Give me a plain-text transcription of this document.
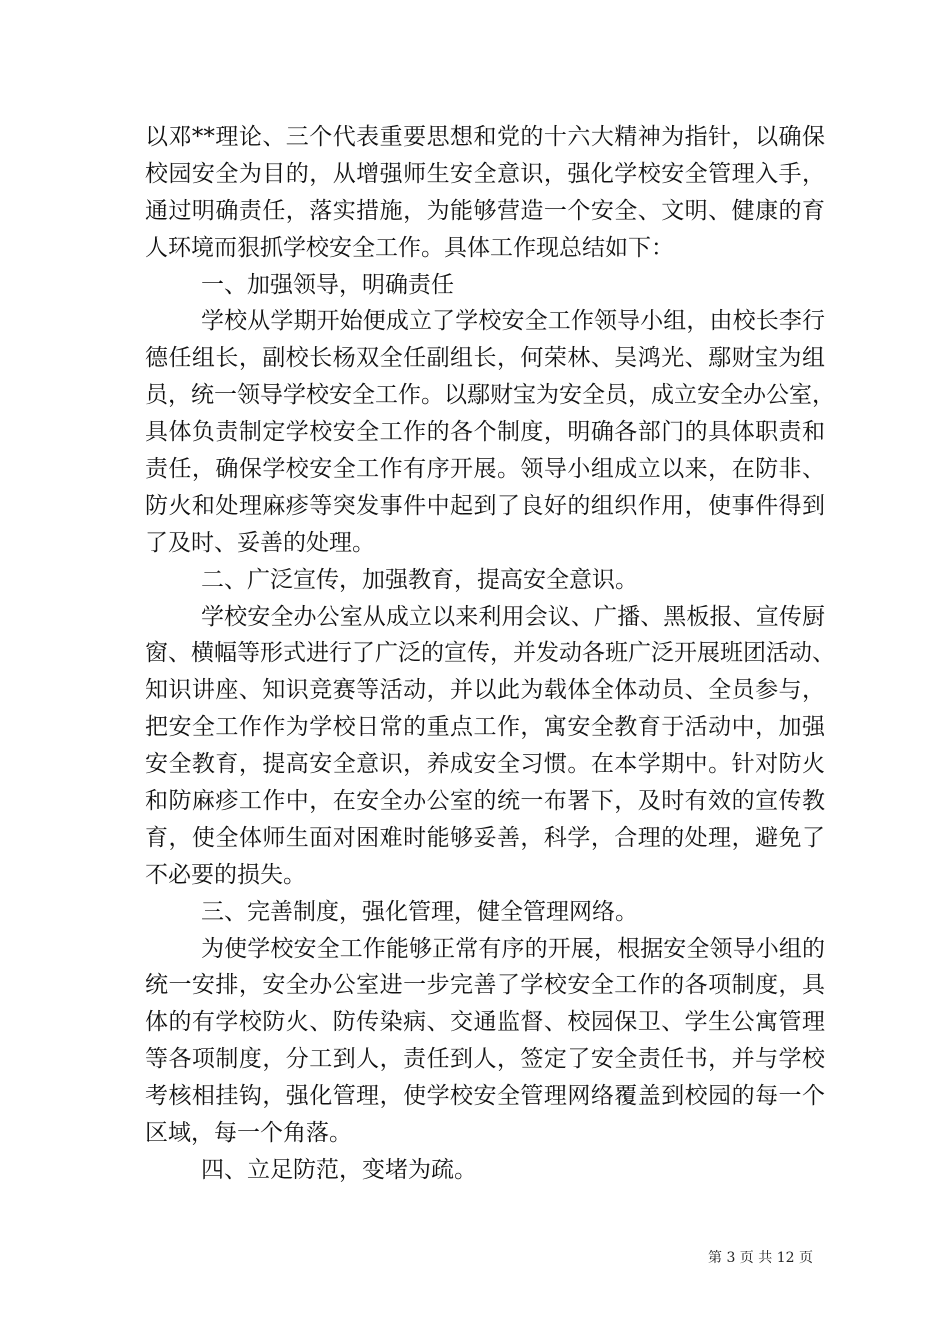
以邓**理论、三个代表重要思想和党的十六大精神为指针，以确保
校园安全为目的，从增强师生安全意识，强化学校安全管理入手，
通过明确责任，落实措施，为能够营造一个安全、文明、健康的育
人环境而狠抓学校安全工作。具体工作现总结如下：
一、加强领导，明确责任
学校从学期开始便成立了学校安全工作领导小组，由校长李行
德任组长，副校长杨双全任副组长，何荣林、吴鸿光、鄢财宝为组
员，统一领导学校安全工作。以鄢财宝为安全员，成立安全办公室，
具体负责制定学校安全工作的各个制度，明确各部门的具体职责和
责任，确保学校安全工作有序开展。领导小组成立以来，在防非、
防火和处理麻疹等突发事件中起到了良好的组织作用，使事件得到
了及时、妥善的处理。
二、广泛宣传，加强教育，提高安全意识。
学校安全办公室从成立以来利用会议、广播、黑板报、宣传厨
窗、横幅等形式进行了广泛的宣传，并发动各班广泛开展班团活动、
知识讲座、知识竞赛等活动，并以此为载体全体动员、全员参与，
把安全工作作为学校日常的重点工作，寓安全教育于活动中，加强
安全教育，提高安全意识，养成安全习惯。在本学期中。针对防火
和防麻疹工作中，在安全办公室的统一布署下，及时有效的宣传教
育，使全体师生面对困难时能够妥善，科学，合理的处理，避免了
不必要的损失。
三、完善制度，强化管理，健全管理网络。
为使学校安全工作能够正常有序的开展，根据安全领导小组的
统一安排，安全办公室进一步完善了学校安全工作的各项制度，具
体的有学校防火、防传染病、交通监督、校园保卫、学生公寓管理
等各项制度，分工到人，责任到人，签定了安全责任书，并与学校
考核相挂钩，强化管理，使学校安全管理网络覆盖到校园的每一个
区域，每一个角落。
四、立足防范，变堵为疏。
第 3 页 共 12 页
